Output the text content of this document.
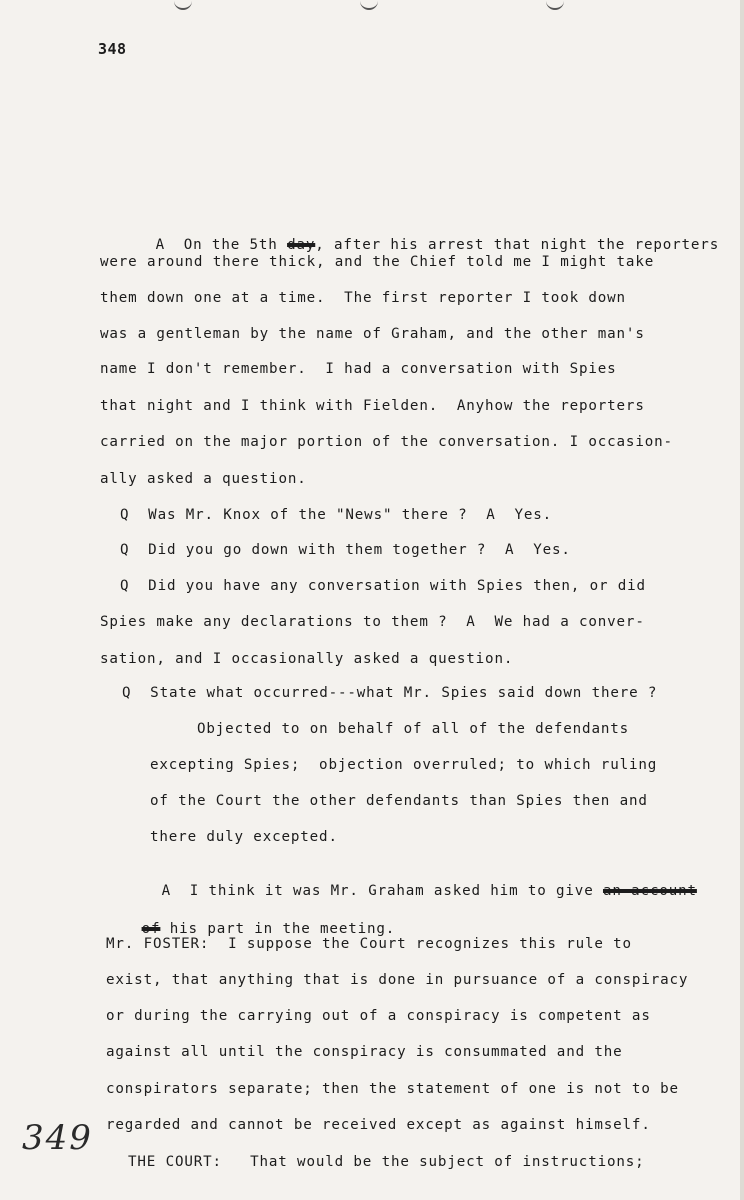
348

A  On the 5th day, after his arrest that night the reporters

were around there thick, and the Chief told me I might take
them down one at a time.  The first reporter I took down
was a gentleman by the name of Graham, and the other man's
name I don't remember.  I had a conversation with Spies
that night and I think with Fielden.  Anyhow the reporters
carried on the major portion of the conversation. I occasion-
ally asked a question.
Q  Was Mr. Knox of the "News" there ?  A  Yes.
Q  Did you go down with them together ?  A  Yes.
Q  Did you have any conversation with Spies then, or did
Spies make any declarations to them ?  A  We had a conver-
sation, and I occasionally asked a question.
Q  State what occurred---what Mr. Spies said down there ?
Objected to on behalf of all of the defendants
excepting Spies;  objection overruled; to which ruling
of the Court the other defendants than Spies then and
there duly excepted.

A  I think it was Mr. Graham asked him to give an account

of his part in the meeting.

Mr. FOSTER:  I suppose the Court recognizes this rule to
exist, that anything that is done in pursuance of a conspiracy
or during the carrying out of a conspiracy is competent as
against all until the conspiracy is consummated and the
conspirators separate; then the statement of one is not to be
regarded and cannot be received except as against himself.
THE COURT:   That would be the subject of instructions;
349
